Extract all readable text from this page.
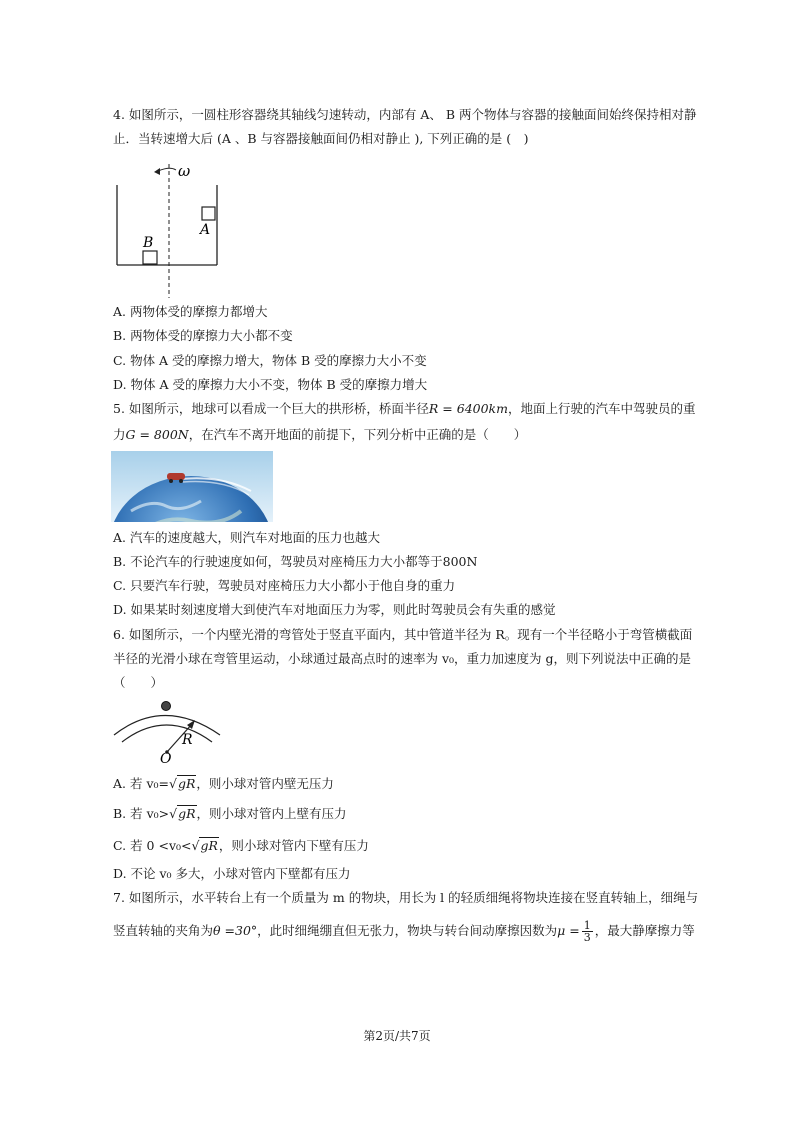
4. 如图所示，一圆柱形容器绕其轴线匀速转动，内部有 A、 B 两个物体与容器的接触面间始终保持相对静
止．当转速增大后 (A 、B 与容器接触面间仍相对静止 ), 下列正确的是 (　)
ω
A
B
A. 两物体受的摩擦力都增大
B. 两物体受的摩擦力大小都不变
C. 物体 A 受的摩擦力增大，物体 B 受的摩擦力大小不变
D. 物体 A 受的摩擦力大小不变，物体 B 受的摩擦力增大
5. 如图所示，地球可以看成一个巨大的拱形桥，桥面半径R = 6400km，地面上行驶的汽车中驾驶员的重
力G = 800N，在汽车不离开地面的前提下，下列分析中正确的是（　　）
A. 汽车的速度越大，则汽车对地面的压力也越大
B. 不论汽车的行驶速度如何，驾驶员对座椅压力大小都等于800N
C. 只要汽车行驶，驾驶员对座椅压力大小都小于他自身的重力
D. 如果某时刻速度增大到使汽车对地面压力为零，则此时驾驶员会有失重的感觉
6. 如图所示，一个内壁光滑的弯管处于竖直平面内，其中管道半径为 R。现有一个半径略小于弯管横截面
半径的光滑小球在弯管里运动，小球通过最高点时的速率为 v₀，重力加速度为 g，则下列说法中正确的是
（　　）
R
O
A. 若 v₀=√gR，则小球对管内壁无压力
B. 若 v₀>√gR，则小球对管内上壁有压力
C. 若 0 <v₀<√gR，则小球对管内下壁有压力
D. 不论 v₀ 多大，小球对管内下壁都有压力
7. 如图所示，水平转台上有一个质量为 m 的物块，用长为 l 的轻质细绳将物块连接在竖直转轴上，细绳与
竖直转轴的夹角为θ =30°，此时细绳绷直但无张力，物块与转台间动摩擦因数为$\mu = \frac{1}{3}$ ，最大静摩擦力等
第2页/共7页
